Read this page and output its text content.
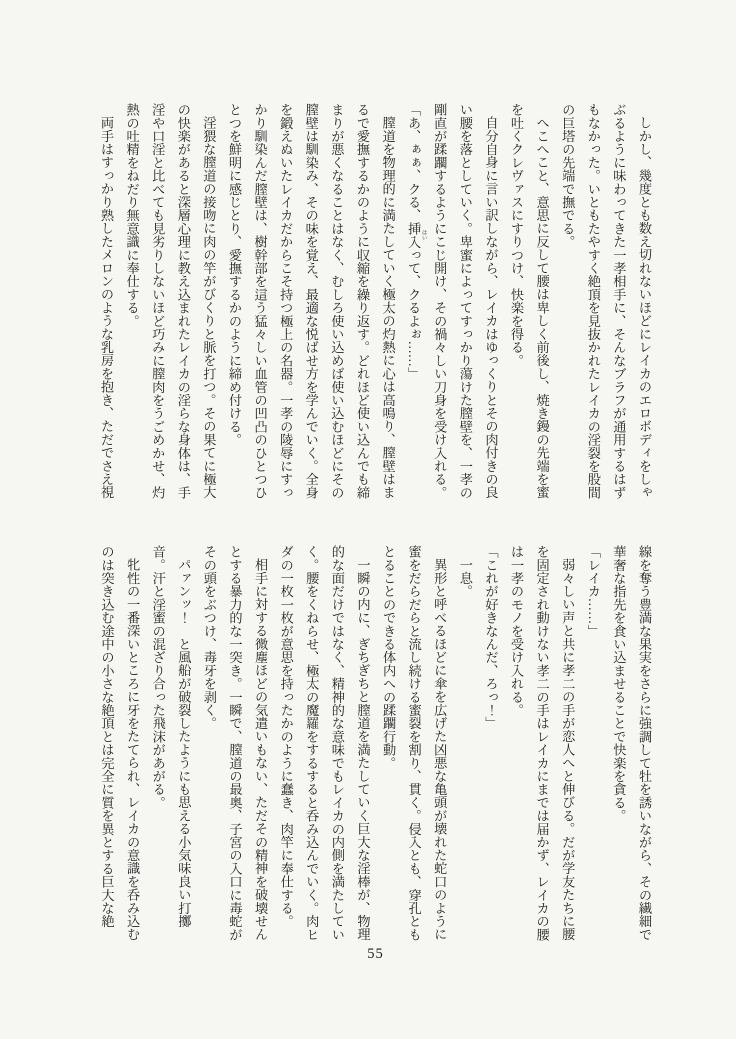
しかし、幾度とも数え切れないほどにレイカのエロボディをしゃぶるように味わってきた一孝相手に、そんなブラフが通用するはずもなかった。いともたやすく絶頂を見抜かれたレイカの淫裂を股間の巨塔の先端で撫でる。

へこへこと、意思に反して腰は卑しく前後し、焼き鏝の先端を蜜を吐くクレヴァスにすりつけ、快楽を得る。

自分自身に言い訳しながら、レイカはゆっくりとその肉付きの良い腰を落としていく。卑蜜によってすっかり蕩けた膣壁を、一孝の剛直が蹂躙するようにこじ開け、その禍々しい刀身を受け入れる。

「あ、ぁぁ、クる、挿入 はいって、クるよぉ……」

膣道を物理的に満たしていく極太の灼熱に心は高鳴り、膣壁はまるで愛撫するかのように収縮を繰り返す。どれほど使い込んでも締まりが悪くなることはなく、むしろ使い込めば使い込むほどにその膣壁は馴染み、その味を覚え、最適な悦ばせ方を学んでいく。全身を鍛えぬいたレイカだからこそ持つ極上の名器。一孝の陵辱にすっかり馴染んだ膣壁は、樹幹部を這う猛々しい血管の凹凸のひとつひとつを鮮明に感じとり、愛撫するかのように締め付ける。

淫猥な膣道の接吻に肉の竿がびくりと脈を打つ。その果てに極大の快楽があると深層心理に教え込まれたレイカの淫らな身体は、手淫や口淫と比べても見劣りしないほど巧みに膣肉をうごめかせ、灼熱の吐精をねだり無意識に奉仕する。

両手はすっかり熟したメロンのような乳房を抱き、ただでさえ視

線を奪う豊満な果実をさらに強調して牡を誘いながら、その繊細で華奢な指先を食い込ませることで快楽を貪る。

「レイカ……」

弱々しい声と共に孝二の手が恋人へと伸びる。だが学友たちに腰を固定され動けない孝二の手はレイカにまでは届かず、レイカの腰は一孝のモノを受け入れる。

「これが好きなんだ、ろっ！」

一息。

異形と呼べるほどに傘を広げた凶悪な亀頭が壊れた蛇口のように蜜をだらだらと流し続ける蜜裂を割り、貫く。侵入とも、穿孔ともとることのできる体内への蹂躙行動。

一瞬の内に、ぎちぎちと膣道を満たしていく巨大な淫棒が、物理的な面だけではなく、精神的な意味でもレイカの内側を満たしていく。腰をくねらせ、極太の魔羅をするすると呑み込んでいく。肉ヒダの一枚一枚が意思を持ったかのように蠢き、肉竿に奉仕する。

相手に対する微塵ほどの気遣いもない、ただその精神を破壊せんとする暴力的な一突き。一瞬で、膣道の最奥、子宮の入口に毒蛇がその頭をぶつけ、毒牙を剥く。

パァンッ！　と風船が破裂したようにも思える小気味良い打擲音。汗と淫蜜の混ざり合った飛沫があがる。

牝性の一番深いところに牙をたてられ、レイカの意識を呑み込むのは突き込む途中の小さな絶頂とは完全に質を異とする巨大な絶

55
